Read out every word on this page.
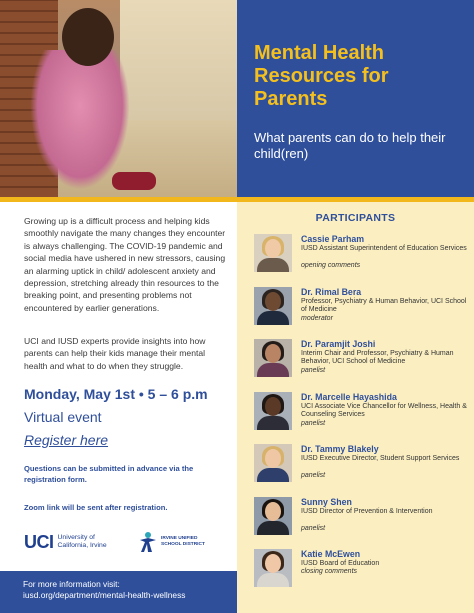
Mental Health Resources for Parents
What parents can do to help their child(ren)

Growing up is a difficult process and helping kids smoothly navigate the many changes they encounter is always challenging. The COVID-19 pandemic and social media have ushered in new stressors, causing an alarming uptick in child/ adolescent anxiety and depression, stretching already thin resources to the breaking point, and presenting problems not encountered by earlier generations.

UCI and IUSD experts provide insights into how parents can help their kids manage their mental health and what to do when they struggle.

Monday, May 1st • 5 – 6 p.m
Virtual event
Register here
Questions can be submitted in advance via the registration form.
Zoom link will be sent after registration.
UCI University of California, Irvine
IRVINE UNIFIED SCHOOL DISTRICT
For more information visit:
iusd.org/department/mental-health-wellness
PARTICIPANTS
Cassie Parham
IUSD Assistant Superintendent of Education Services
opening comments
Dr. Rimal Bera
Professor, Psychiatry & Human Behavior, UCI School of Medicine
moderator
Dr. Paramjit Joshi
Interim Chair and Professor, Psychiatry & Human Behavior, UCI School of Medicine
panelist
Dr. Marcelle Hayashida
UCI Associate Vice Chancellor for Wellness, Health & Counseling Services
panelist
Dr. Tammy Blakely
IUSD Executive Director, Student Support Services
panelist
Sunny Shen
IUSD Director of Prevention & Intervention
panelist
Katie McEwen
IUSD Board of Education
closing comments
